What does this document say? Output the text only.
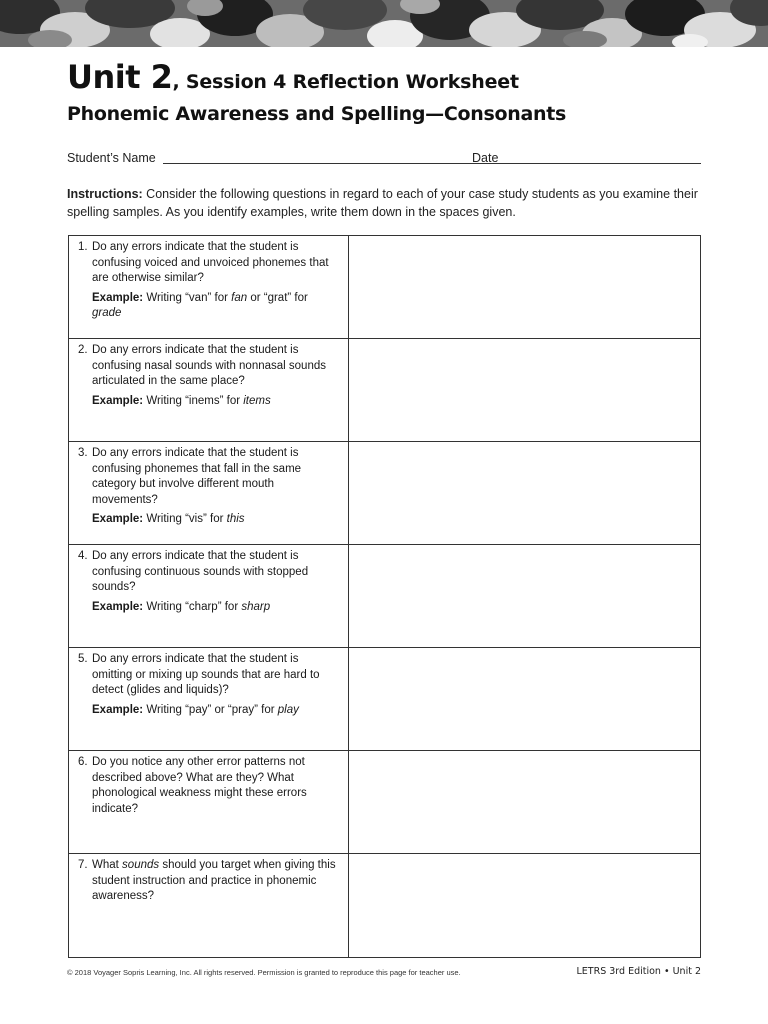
Unit 2, Session 4 Reflection Worksheet
Phonemic Awareness and Spelling—Consonants
Student’s Name	Date
Instructions: Consider the following questions in regard to each of your case study students as you examine their spelling samples. As you identify examples, write them down in the spaces given.
1. Do any errors indicate that the student is confusing voiced and unvoiced phonemes that are otherwise similar?
Example: Writing “van” for fan or “grat” for grade
2. Do any errors indicate that the student is confusing nasal sounds with nonnasal sounds articulated in the same place?
Example: Writing “inems” for items
3. Do any errors indicate that the student is confusing phonemes that fall in the same category but involve different mouth movements?
Example: Writing “vis” for this
4. Do any errors indicate that the student is confusing continuous sounds with stopped sounds?
Example: Writing “charp” for sharp
5. Do any errors indicate that the student is omitting or mixing up sounds that are hard to detect (glides and liquids)?
Example: Writing “pay” or “pray” for play
6. Do you notice any other error patterns not described above? What are they? What phonological weakness might these errors indicate?
7. What sounds should you target when giving this student instruction and practice in phonemic awareness?
© 2018 Voyager Sopris Learning, Inc. All rights reserved. Permission is granted to reproduce this page for teacher use.	LETRS 3rd Edition • Unit 2
